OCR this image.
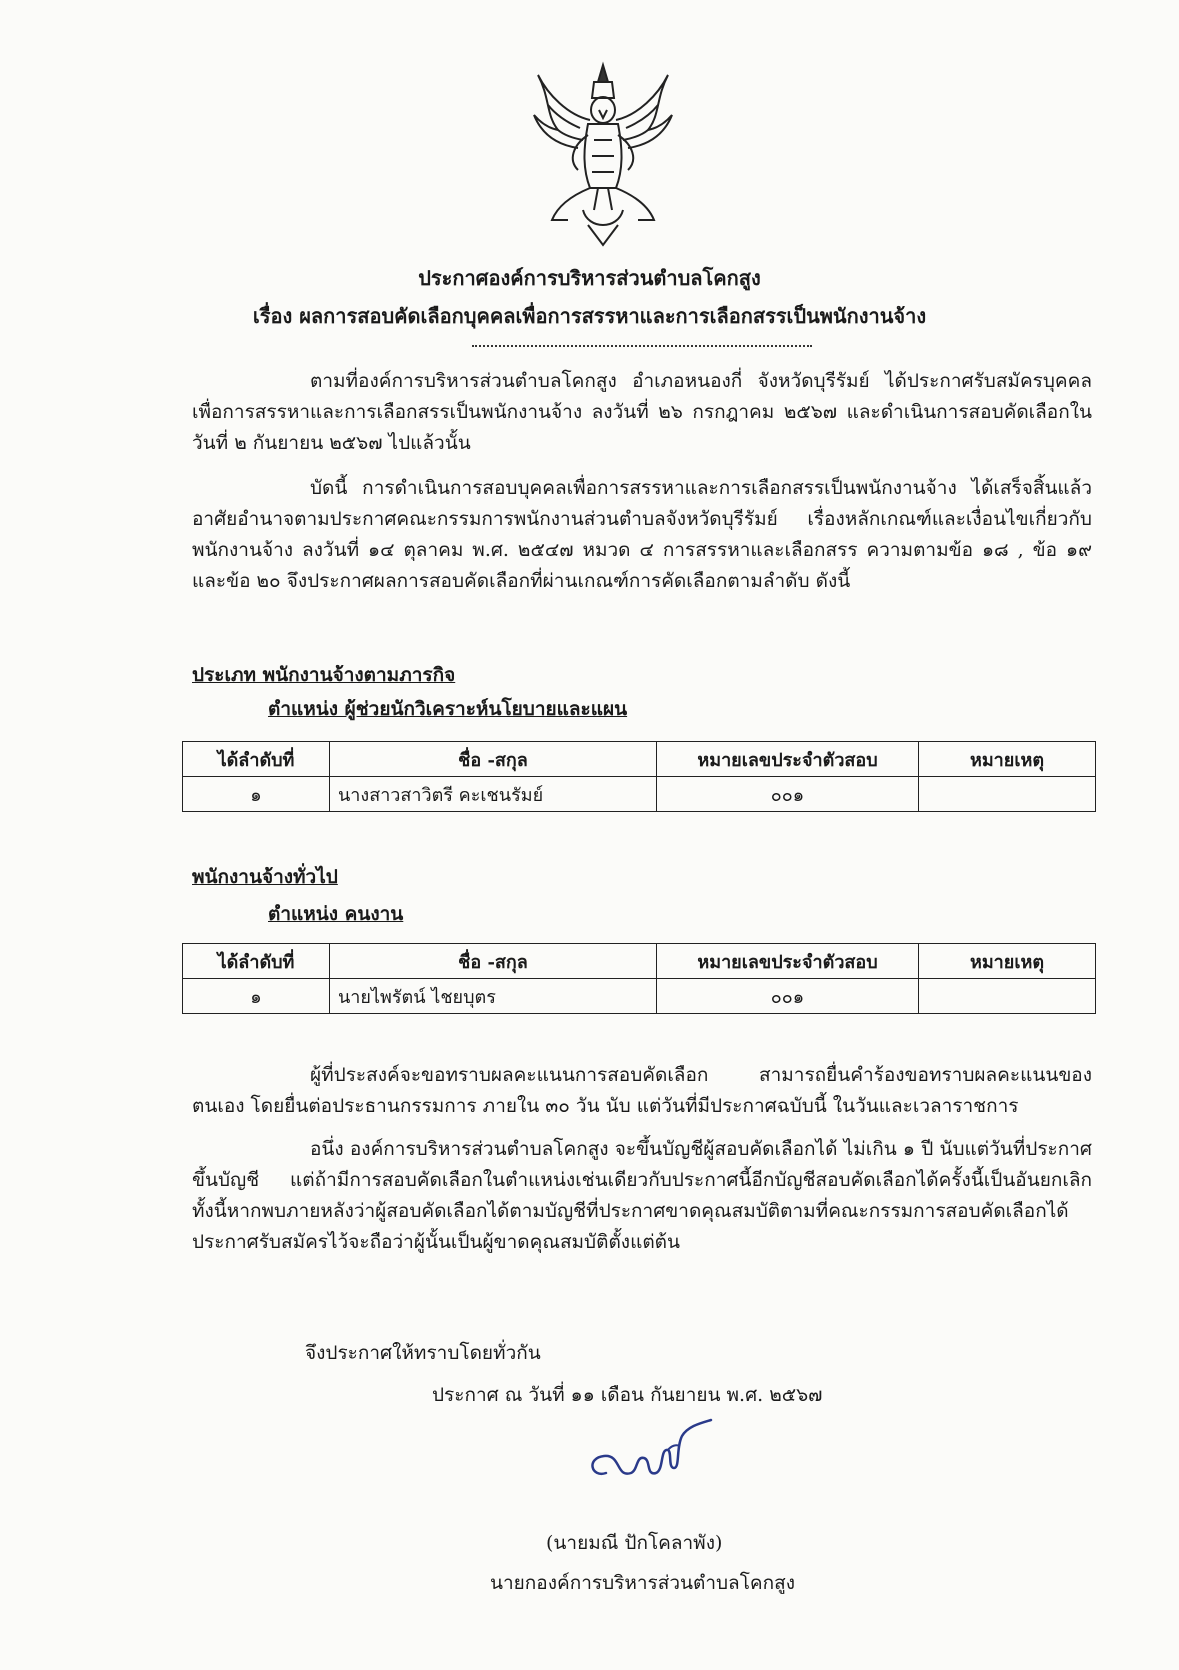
ประกาศองค์การบริหารส่วนตำบลโคกสูง
เรื่อง ผลการสอบคัดเลือกบุคคลเพื่อการสรรหาและการเลือกสรรเป็นพนักงานจ้าง

ตามที่องค์การบริหารส่วนตำบลโคกสูง อำเภอหนองกี่ จังหวัดบุรีรัมย์ ได้ประกาศรับสมัครบุคคลเพื่อการสรรหาและการเลือกสรรเป็นพนักงานจ้าง ลงวันที่ ๒๖ กรกฎาคม ๒๕๖๗ และดำเนินการสอบคัดเลือกในวันที่ ๒ กันยายน ๒๕๖๗ ไปแล้วนั้น

บัดนี้ การดำเนินการสอบบุคคลเพื่อการสรรหาและการเลือกสรรเป็นพนักงานจ้าง ได้เสร็จสิ้นแล้ว อาศัยอำนาจตามประกาศคณะกรรมการพนักงานส่วนตำบลจังหวัดบุรีรัมย์ เรื่องหลักเกณฑ์และเงื่อนไขเกี่ยวกับพนักงานจ้าง ลงวันที่ ๑๔ ตุลาคม พ.ศ. ๒๕๔๗ หมวด ๔ การสรรหาและเลือกสรร ความตามข้อ ๑๘ , ข้อ ๑๙ และข้อ ๒๐ จึงประกาศผลการสอบคัดเลือกที่ผ่านเกณฑ์การคัดเลือกตามลำดับ ดังนี้

ประเภท พนักงานจ้างตามภารกิจ
ตำแหน่ง ผู้ช่วยนักวิเคราะห์นโยบายและแผน
ได้ลำดับที่	ชื่อ -สกุล	หมายเลขประจำตัวสอบ	หมายเหตุ
๑	นางสาวสาวิตรี คะเชนรัมย์	๐๐๑	
พนักงานจ้างทั่วไป
ตำแหน่ง คนงาน
ได้ลำดับที่	ชื่อ -สกุล	หมายเลขประจำตัวสอบ	หมายเหตุ
๑	นายไพรัตน์ ไชยบุตร	๐๐๑	

ผู้ที่ประสงค์จะขอทราบผลคะแนนการสอบคัดเลือก สามารถยื่นคำร้องขอทราบผลคะแนนของตนเอง โดยยื่นต่อประธานกรรมการ ภายใน ๓๐ วัน นับ แต่วันที่มีประกาศฉบับนี้ ในวันและเวลาราชการ

อนึ่ง องค์การบริหารส่วนตำบลโคกสูง จะขึ้นบัญชีผู้สอบคัดเลือกได้ ไม่เกิน ๑ ปี นับแต่วันที่ประกาศขึ้นบัญชี แต่ถ้ามีการสอบคัดเลือกในตำแหน่งเช่นเดียวกับประกาศนี้อีกบัญชีสอบคัดเลือกได้ครั้งนี้เป็นอันยกเลิก ทั้งนี้หากพบภายหลังว่าผู้สอบคัดเลือกได้ตามบัญชีที่ประกาศขาดคุณสมบัติตามที่คณะกรรมการสอบคัดเลือกได้ประกาศรับสมัครไว้จะถือว่าผู้นั้นเป็นผู้ขาดคุณสมบัติตั้งแต่ต้น

จึงประกาศให้ทราบโดยทั่วกัน
ประกาศ ณ วันที่ ๑๑ เดือน กันยายน พ.ศ. ๒๕๖๗
(นายมณี ปักโคลาพัง)
นายกองค์การบริหารส่วนตำบลโคกสูง
